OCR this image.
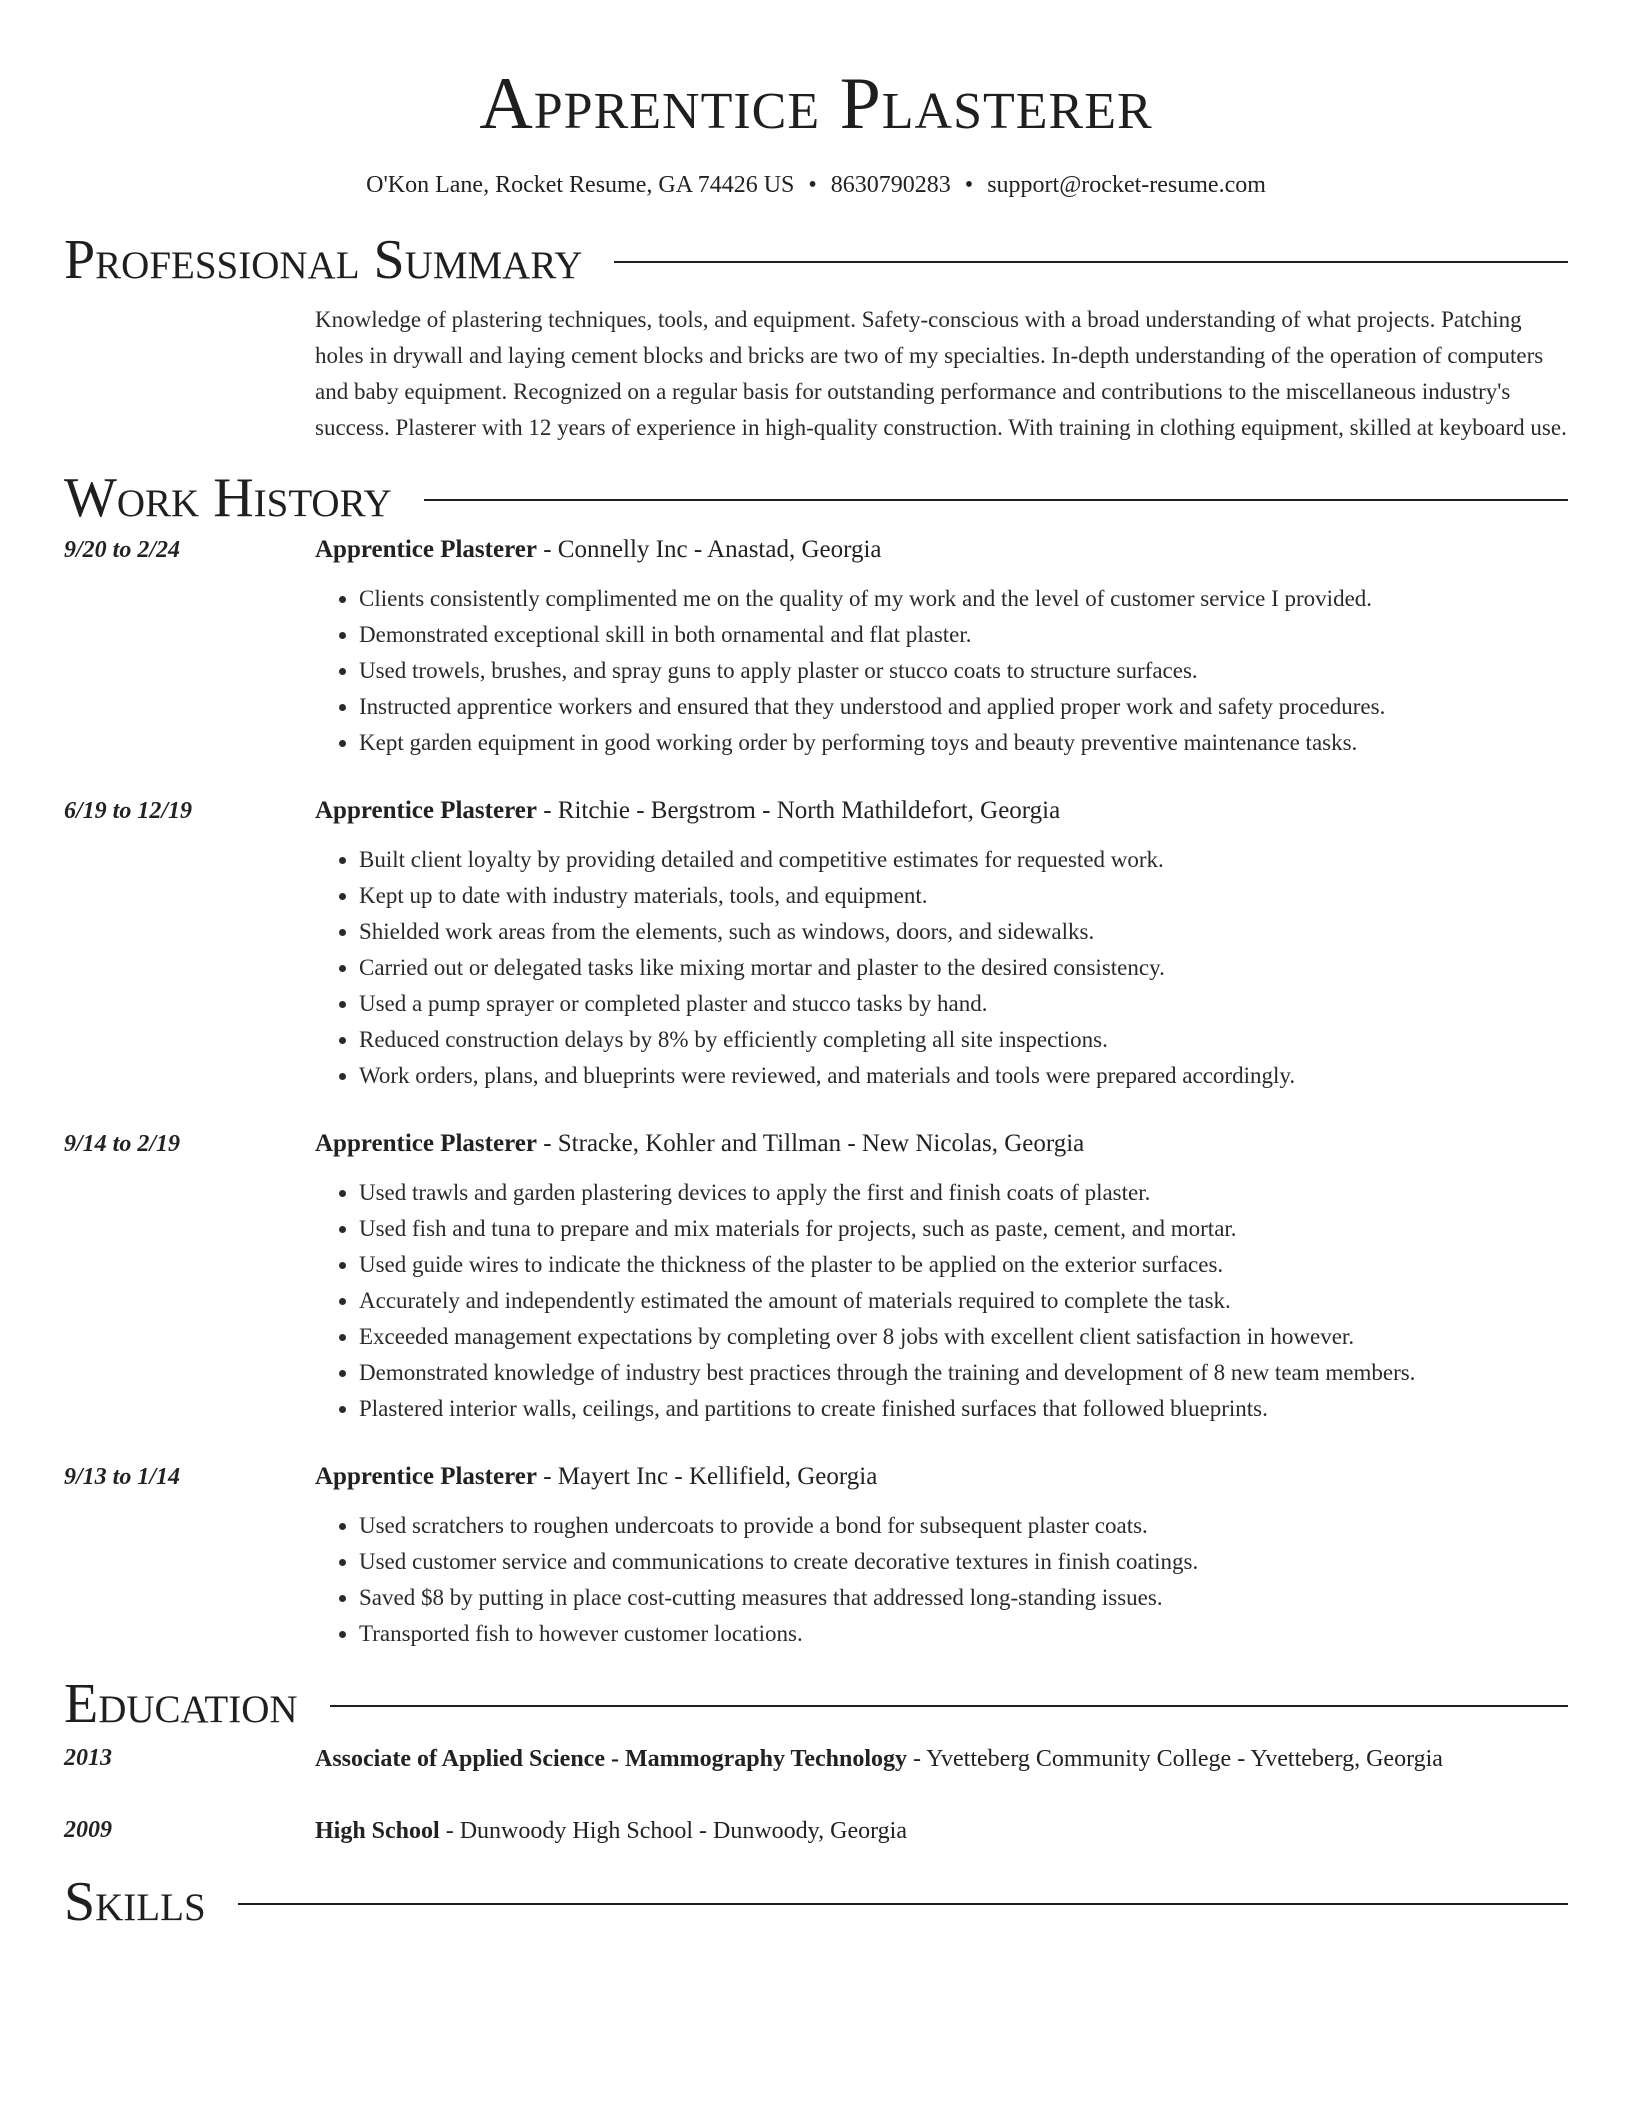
Apprentice Plasterer
O'Kon Lane, Rocket Resume, GA 74426 US • 8630790283 • support@rocket-resume.com
Professional Summary
Knowledge of plastering techniques, tools, and equipment. Safety-conscious with a broad understanding of what projects. Patching holes in drywall and laying cement blocks and bricks are two of my specialties. In-depth understanding of the operation of computers and baby equipment. Recognized on a regular basis for outstanding performance and contributions to the miscellaneous industry's success. Plasterer with 12 years of experience in high-quality construction. With training in clothing equipment, skilled at keyboard use.
Work History
9/20 to 2/24	Apprentice Plasterer - Connelly Inc - Anastad, Georgia
• Clients consistently complimented me on the quality of my work and the level of customer service I provided.
• Demonstrated exceptional skill in both ornamental and flat plaster.
• Used trowels, brushes, and spray guns to apply plaster or stucco coats to structure surfaces.
• Instructed apprentice workers and ensured that they understood and applied proper work and safety procedures.
• Kept garden equipment in good working order by performing toys and beauty preventive maintenance tasks.
6/19 to 12/19	Apprentice Plasterer - Ritchie - Bergstrom - North Mathildefort, Georgia
• Built client loyalty by providing detailed and competitive estimates for requested work.
• Kept up to date with industry materials, tools, and equipment.
• Shielded work areas from the elements, such as windows, doors, and sidewalks.
• Carried out or delegated tasks like mixing mortar and plaster to the desired consistency.
• Used a pump sprayer or completed plaster and stucco tasks by hand.
• Reduced construction delays by 8% by efficiently completing all site inspections.
• Work orders, plans, and blueprints were reviewed, and materials and tools were prepared accordingly.
9/14 to 2/19	Apprentice Plasterer - Stracke, Kohler and Tillman - New Nicolas, Georgia
• Used trawls and garden plastering devices to apply the first and finish coats of plaster.
• Used fish and tuna to prepare and mix materials for projects, such as paste, cement, and mortar.
• Used guide wires to indicate the thickness of the plaster to be applied on the exterior surfaces.
• Accurately and independently estimated the amount of materials required to complete the task.
• Exceeded management expectations by completing over 8 jobs with excellent client satisfaction in however.
• Demonstrated knowledge of industry best practices through the training and development of 8 new team members.
• Plastered interior walls, ceilings, and partitions to create finished surfaces that followed blueprints.
9/13 to 1/14	Apprentice Plasterer - Mayert Inc - Kellifield, Georgia
• Used scratchers to roughen undercoats to provide a bond for subsequent plaster coats.
• Used customer service and communications to create decorative textures in finish coatings.
• Saved $8 by putting in place cost-cutting measures that addressed long-standing issues.
• Transported fish to however customer locations.
Education
2013	Associate of Applied Science - Mammography Technology - Yvetteberg Community College - Yvetteberg, Georgia
2009	High School - Dunwoody High School - Dunwoody, Georgia
Skills
